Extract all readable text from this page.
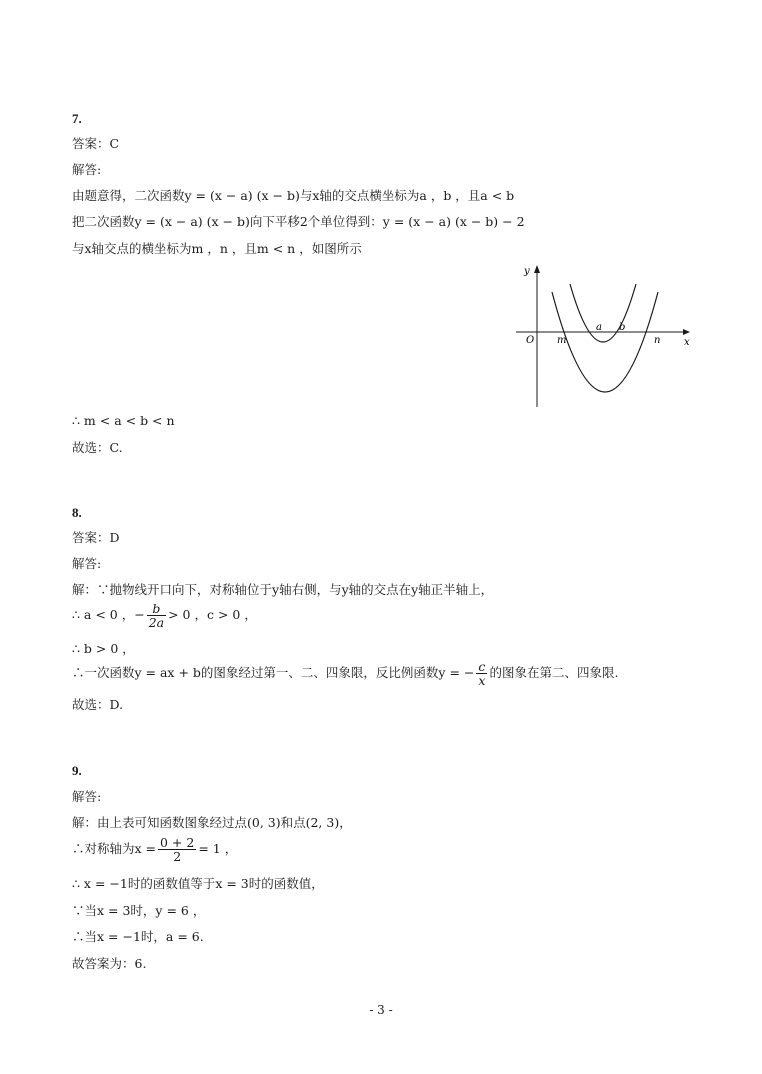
7.
答案：C
解答:
由题意得，二次函数y = (x − a) (x − b)与x轴的交点横坐标为a ，b ，且a < b
把二次函数y = (x − a) (x − b)向下平移2个单位得到：y = (x − a) (x − b) − 2
与x轴交点的横坐标为m ，n ，且m < n ，如图所示
y
x
O m
a b
n
∴ m < a < b < n
故选：C.
8.
答案：D
解答:
解：∵抛物线开口向下，对称轴位于y轴右侧，与y轴的交点在y轴正半轴上，
∴ a < 0 ，− $\frac{b}{2a} > 0$ ，c > 0 ，
∴ b > 0 ，
∴一次函数y = ax + b的图象经过第一、二、四象限，反比例函数y = − $\frac{c}{x}$ 的图象在第二、四象限.
故选：D.
9.
解答:
解：由上表可知函数图象经过点(0, 3)和点(2, 3)，
∴对称轴为$x = \frac{0 + 2}{2} = 1$ ，
∴ x = −1时的函数值等于x = 3时的函数值，
∵当x = 3时，y = 6 ，
∴当x = −1时，a = 6.
故答案为：6.
- 3 -
